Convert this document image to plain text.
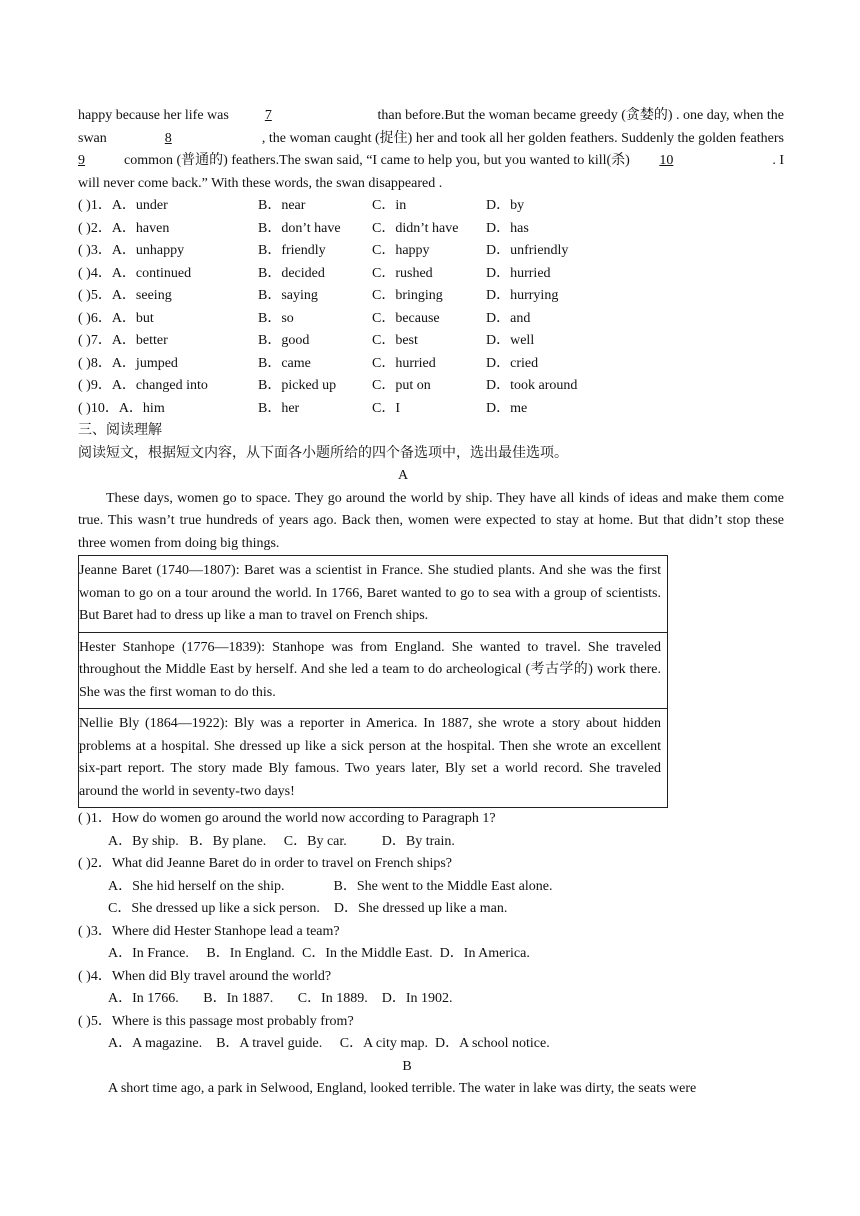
happy because her life was 7	than before.But the woman became greedy (贪婪的) . one day, when the
swan	8	, the woman caught (捉住) her and took all her golden feathers. Suddenly the golden feathers
9	common (普通的) feathers.The swan said, “I came to help you, but you wanted to kill(杀) 10	. I
will never come back.” With these words, the swan disappeared .
( )1．A．under	B．near	C．in	D．by
( )2．A．haven	B．don’t have	C．didn’t have	D．has
( )3．A．unhappy	B．friendly	C．happy	D．unfriendly
( )4．A．continued	B．decided	C．rushed	D．hurried
( )5．A．seeing	B．saying	C．bringing	D．hurrying
( )6．A．but	B．so	C．because	D．and
( )7．A．better	B．good	C．best	D．well
( )8．A．jumped	B．came	C．hurried	D．cried
( )9．A．changed into	B．picked up	C．put on	D．took around
( )10．A．him	B．her	C．I	D．me
三、阅读理解
阅读短文，根据短文内容，从下面各小题所给的四个备选项中，选出最佳选项。
A
These days, women go to space. They go around the world by ship. They have all kinds of ideas and make them come true. This wasn’t true hundreds of years ago. Back then, women were expected to stay at home. But that didn’t stop these three women from doing big things.
Jeanne Baret (1740—1807): Baret was a scientist in France. She studied plants. And she was the first woman to go on a tour around the world. In 1766, Baret wanted to go to sea with a group of scientists. But Baret had to dress up like a man to travel on French ships.
Hester Stanhope (1776—1839): Stanhope was from England. She wanted to travel. She traveled throughout the Middle East by herself. And she led a team to do archeological (考古学的) work there. She was the first woman to do this.
Nellie Bly (1864—1922): Bly was a reporter in America. In 1887, she wrote a story about hidden problems at a hospital. She dressed up like a sick person at the hospital. Then she wrote an excellent six-part report. The story made Bly famous. Two years later, Bly set a world record. She traveled around the world in seventy-two days!
( )1．How do women go around the world now according to Paragraph 1?
A．By ship.   B．By plane.     C．By car.          D．By train.
( )2．What did Jeanne Baret do in order to travel on French ships?
A．She hid herself on the ship.              B．She went to the Middle East alone.
C．She dressed up like a sick person.    D．She dressed up like a man.
( )3．Where did Hester Stanhope lead a team?
A．In France.     B．In England.  C．In the Middle East.  D．In America.
( )4．When did Bly travel around the world?
A．In 1766.       B．In 1887.       C．In 1889.    D．In 1902.
( )5．Where is this passage most probably from?
A．A magazine.    B．A travel guide.     C．A city map.  D．A school notice.
B
A short time ago, a park in Selwood, England, looked terrible. The water in lake was dirty, the seats were
